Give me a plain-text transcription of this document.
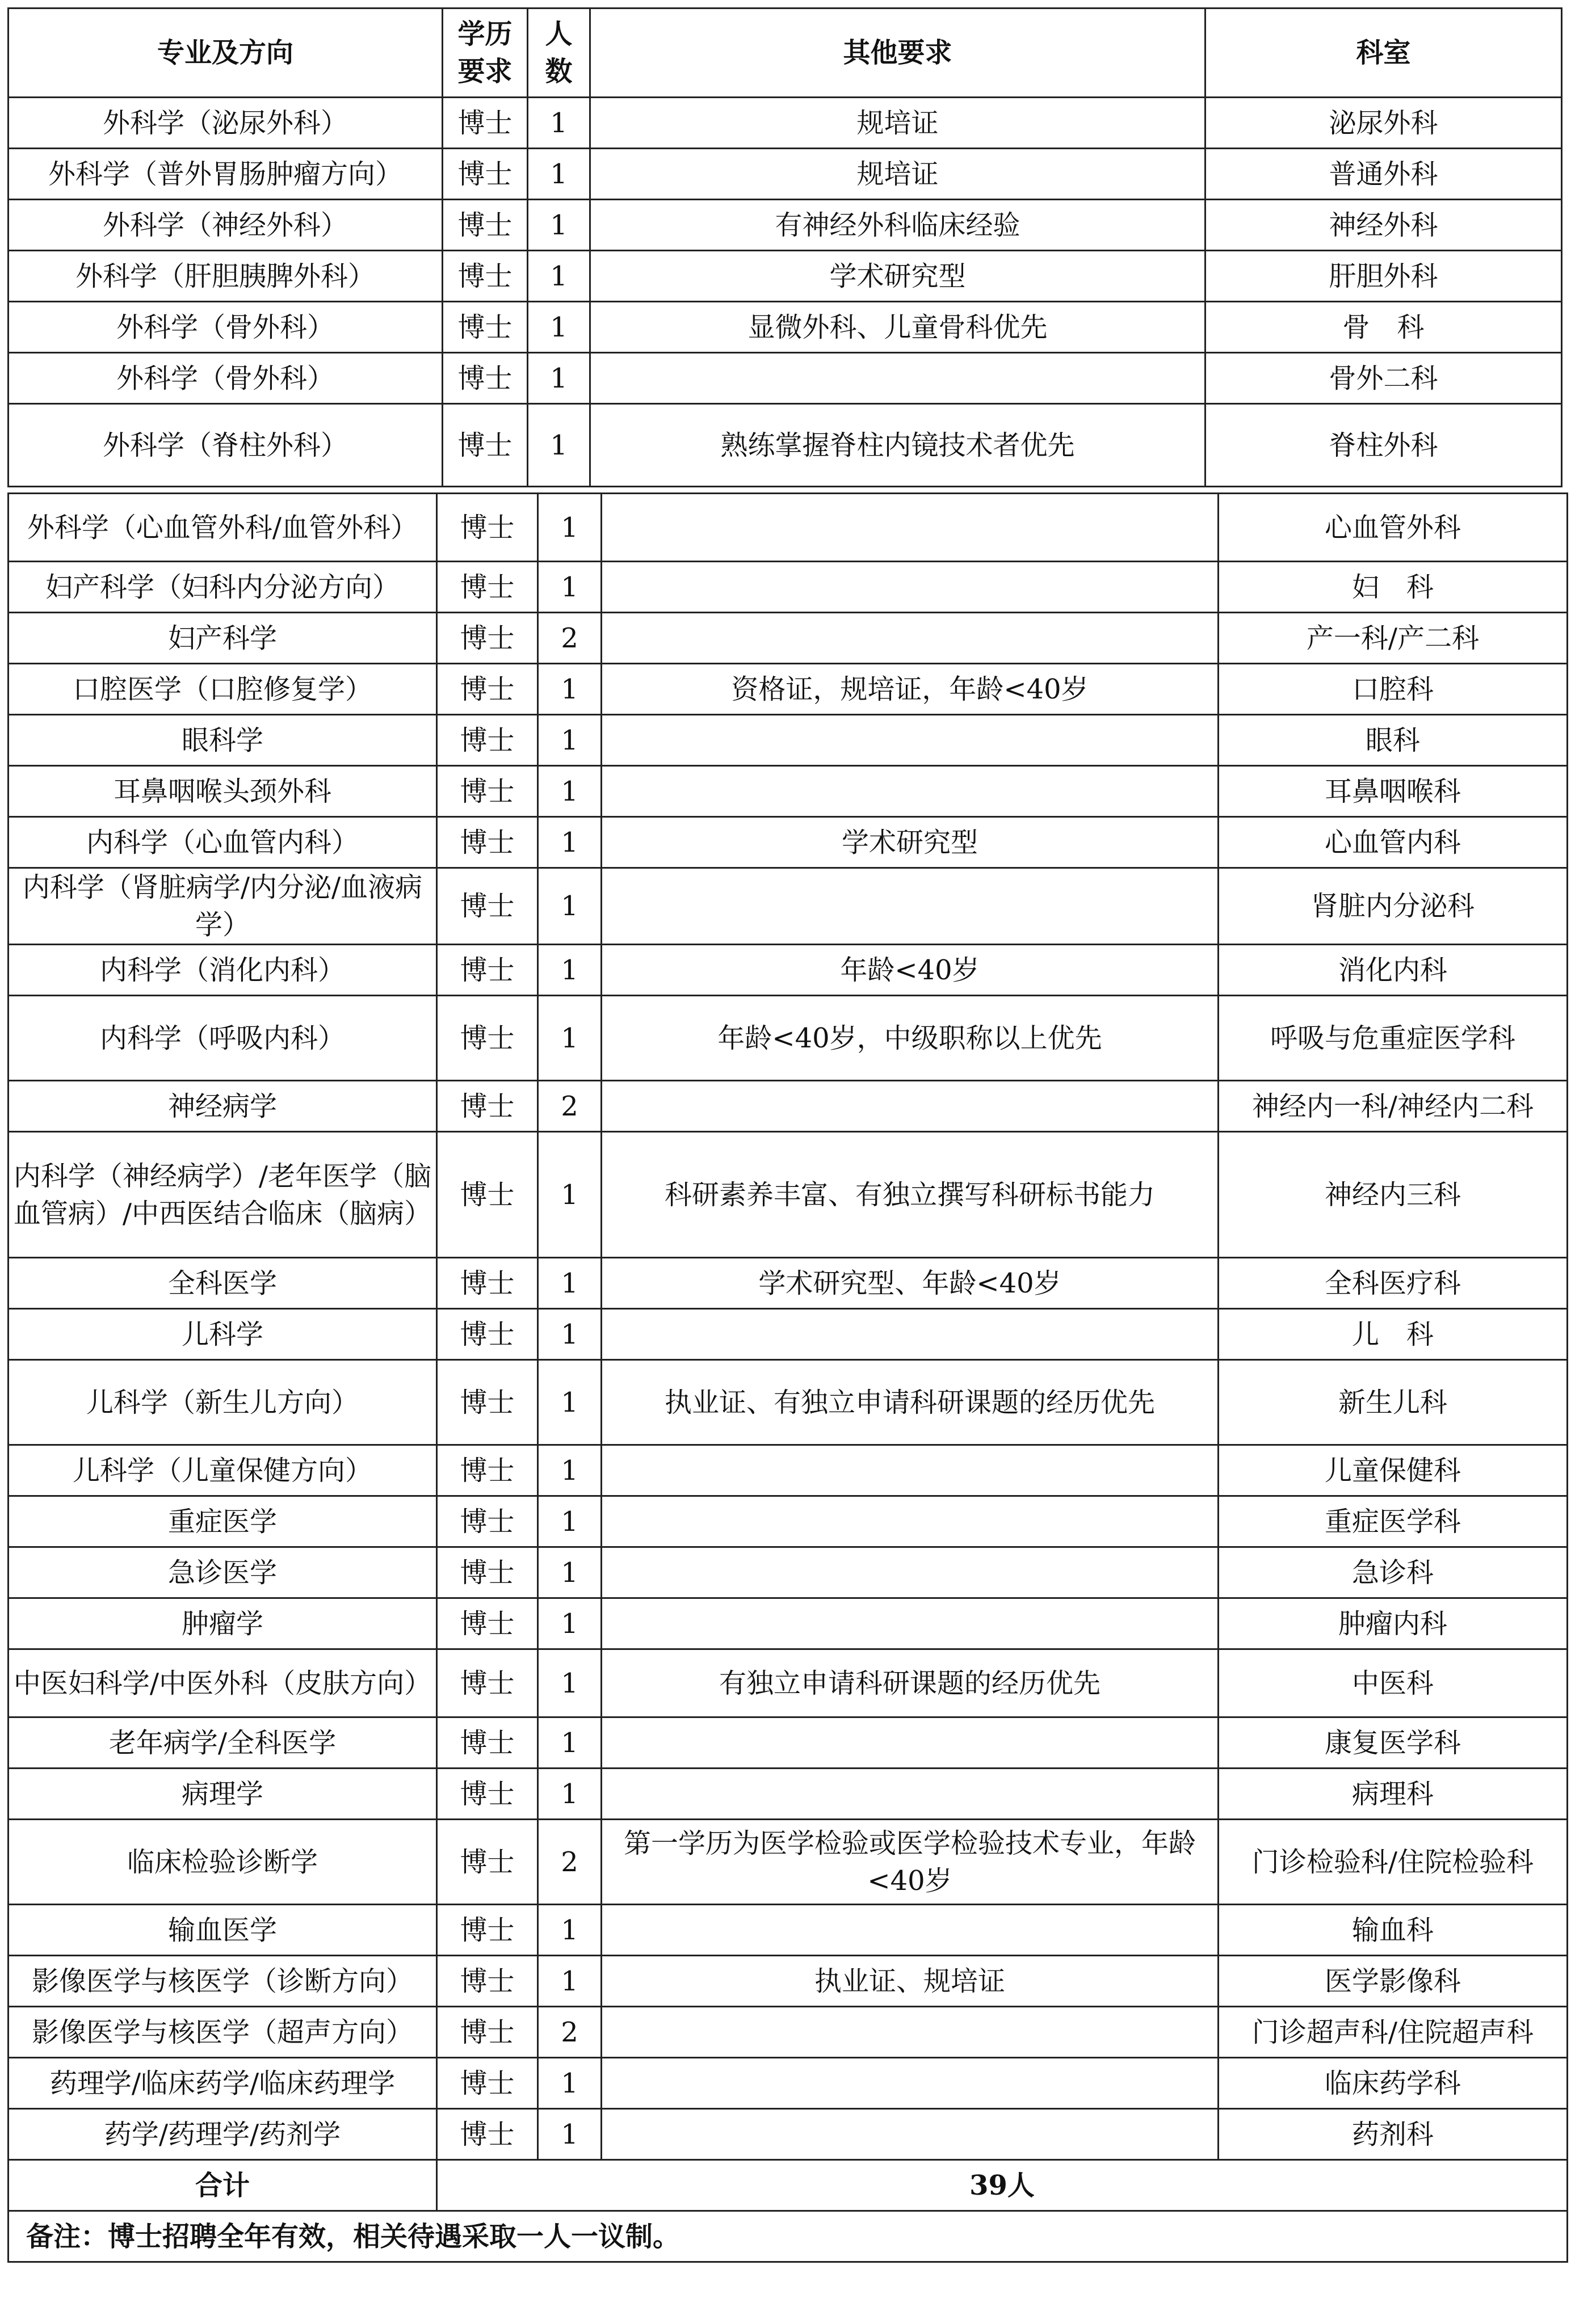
专业及方向	学历要求	人数	其他要求	科室
外科学（泌尿外科）	博士	1	规培证	泌尿外科
外科学（普外胃肠肿瘤方向）	博士	1	规培证	普通外科
外科学（神经外科）	博士	1	有神经外科临床经验	神经外科
外科学（肝胆胰脾外科）	博士	1	学术研究型	肝胆外科
外科学（骨外科）	博士	1	显微外科、儿童骨科优先	骨　科
外科学（骨外科）	博士	1		骨外二科
外科学（脊柱外科）	博士	1	熟练掌握脊柱内镜技术者优先	脊柱外科
外科学（心血管外科/血管外科）	博士	1		心血管外科
妇产科学（妇科内分泌方向）	博士	1		妇　科
妇产科学	博士	2		产一科/产二科
口腔医学（口腔修复学）	博士	1	资格证，规培证，年龄<40岁	口腔科
眼科学	博士	1		眼科
耳鼻咽喉头颈外科	博士	1		耳鼻咽喉科
内科学（心血管内科）	博士	1	学术研究型	心血管内科
内科学（肾脏病学/内分泌/血液病学）	博士	1		肾脏内分泌科
内科学（消化内科）	博士	1	年龄<40岁	消化内科
内科学（呼吸内科）	博士	1	年龄<40岁，中级职称以上优先	呼吸与危重症医学科
神经病学	博士	2		神经内一科/神经内二科
内科学（神经病学）/老年医学（脑血管病）/中西医结合临床（脑病）	博士	1	科研素养丰富、有独立撰写科研标书能力	神经内三科
全科医学	博士	1	学术研究型、年龄<40岁	全科医疗科
儿科学	博士	1		儿　科
儿科学（新生儿方向）	博士	1	执业证、有独立申请科研课题的经历优先	新生儿科
儿科学（儿童保健方向）	博士	1		儿童保健科
重症医学	博士	1		重症医学科
急诊医学	博士	1		急诊科
肿瘤学	博士	1		肿瘤内科
中医妇科学/中医外科（皮肤方向）	博士	1	有独立申请科研课题的经历优先	中医科
老年病学/全科医学	博士	1		康复医学科
病理学	博士	1		病理科
临床检验诊断学	博士	2	第一学历为医学检验或医学检验技术专业，年龄<40岁	门诊检验科/住院检验科
输血医学	博士	1		输血科
影像医学与核医学（诊断方向）	博士	1	执业证、规培证	医学影像科
影像医学与核医学（超声方向）	博士	2		门诊超声科/住院超声科
药理学/临床药学/临床药理学	博士	1		临床药学科
药学/药理学/药剂学	博士	1		药剂科
合计	39人			
备注：博士招聘全年有效，相关待遇采取一人一议制。				
